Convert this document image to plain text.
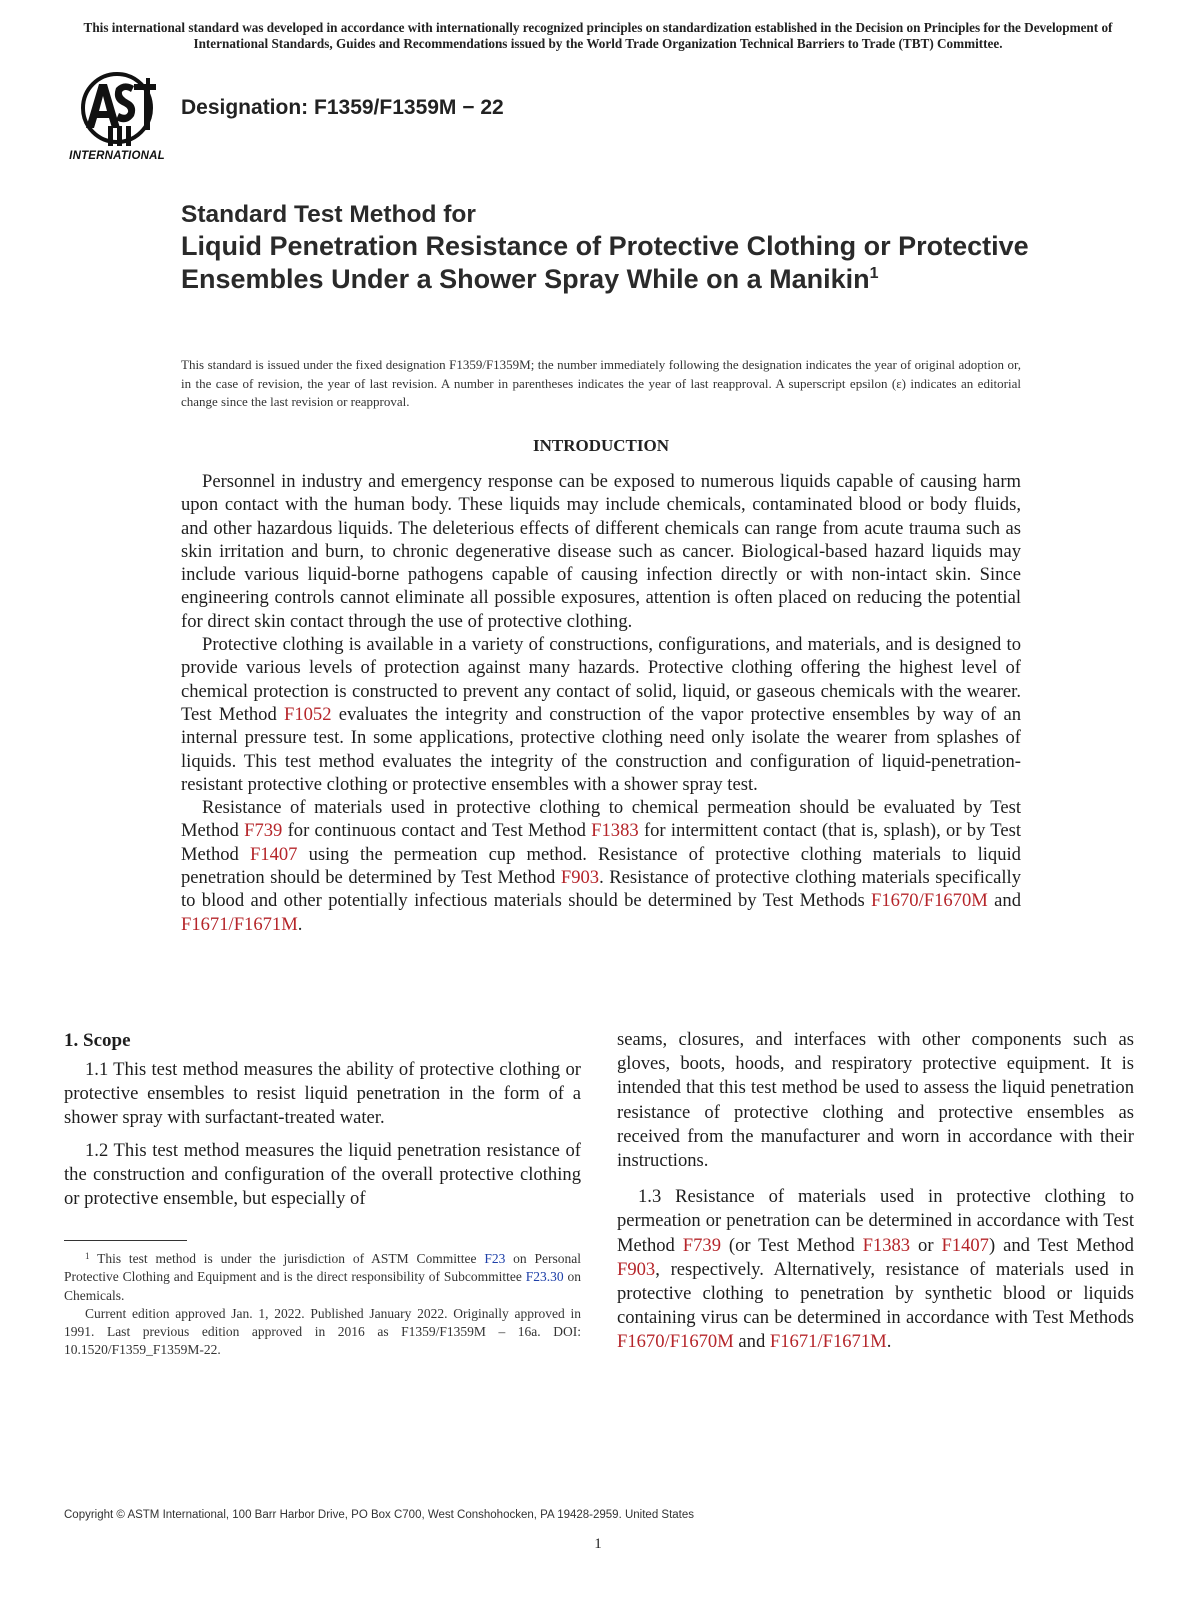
This international standard was developed in accordance with internationally recognized principles on standardization established in the Decision on Principles for the Development of International Standards, Guides and Recommendations issued by the World Trade Organization Technical Barriers to Trade (TBT) Committee.
INTERNATIONAL
Designation: F1359/F1359M − 22
Standard Test Method for
Liquid Penetration Resistance of Protective Clothing or Protective Ensembles Under a Shower Spray While on a Manikin$^1$
This standard is issued under the fixed designation F1359/F1359M; the number immediately following the designation indicates the year of original adoption or, in the case of revision, the year of last revision. A number in parentheses indicates the year of last reapproval. A superscript epsilon (ε) indicates an editorial change since the last revision or reapproval.
INTRODUCTION

Personnel in industry and emergency response can be exposed to numerous liquids capable of causing harm upon contact with the human body. These liquids may include chemicals, contaminated blood or body fluids, and other hazardous liquids. The deleterious effects of different chemicals can range from acute trauma such as skin irritation and burn, to chronic degenerative disease such as cancer. Biological-based hazard liquids may include various liquid-borne pathogens capable of causing infection directly or with non-intact skin. Since engineering controls cannot eliminate all possible exposures, attention is often placed on reducing the potential for direct skin contact through the use of protective clothing.

Protective clothing is available in a variety of constructions, configurations, and materials, and is designed to provide various levels of protection against many hazards. Protective clothing offering the highest level of chemical protection is constructed to prevent any contact of solid, liquid, or gaseous chemicals with the wearer. Test Method F1052 evaluates the integrity and construction of the vapor protective ensembles by way of an internal pressure test. In some applications, protective clothing need only isolate the wearer from splashes of liquids. This test method evaluates the integrity of the construction and configuration of liquid-penetration-resistant protective clothing or protective ensembles with a shower spray test.

Resistance of materials used in protective clothing to chemical permeation should be evaluated by Test Method F739 for continuous contact and Test Method F1383 for intermittent contact (that is, splash), or by Test Method F1407 using the permeation cup method. Resistance of protective clothing materials to liquid penetration should be determined by Test Method F903. Resistance of protective clothing materials specifically to blood and other potentially infectious materials should be determined by Test Methods F1670/F1670M and F1671/F1671M.

1. Scope

1.1 This test method measures the ability of protective clothing or protective ensembles to resist liquid penetration in the form of a shower spray with surfactant-treated water.

1.2 This test method measures the liquid penetration resistance of the construction and configuration of the overall protective clothing or protective ensemble, but especially of

seams, closures, and interfaces with other components such as gloves, boots, hoods, and respiratory protective equipment. It is intended that this test method be used to assess the liquid penetration resistance of protective clothing and protective ensembles as received from the manufacturer and worn in accordance with their instructions.

1.3 Resistance of materials used in protective clothing to permeation or penetration can be determined in accordance with Test Method F739 (or Test Method F1383 or F1407) and Test Method F903, respectively. Alternatively, resistance of materials used in protective clothing to penetration by synthetic blood or liquids containing virus can be determined in accordance with Test Methods F1670/F1670M and F1671/F1671M.

$^1$ This test method is under the jurisdiction of ASTM Committee F23 on Personal Protective Clothing and Equipment and is the direct responsibility of Subcommittee F23.30 on Chemicals.

Current edition approved Jan. 1, 2022. Published January 2022. Originally approved in 1991. Last previous edition approved in 2016 as F1359/F1359M – 16a. DOI: 10.1520/F1359_F1359M-22.

Copyright © ASTM International, 100 Barr Harbor Drive, PO Box C700, West Conshohocken, PA 19428-2959. United States
1
